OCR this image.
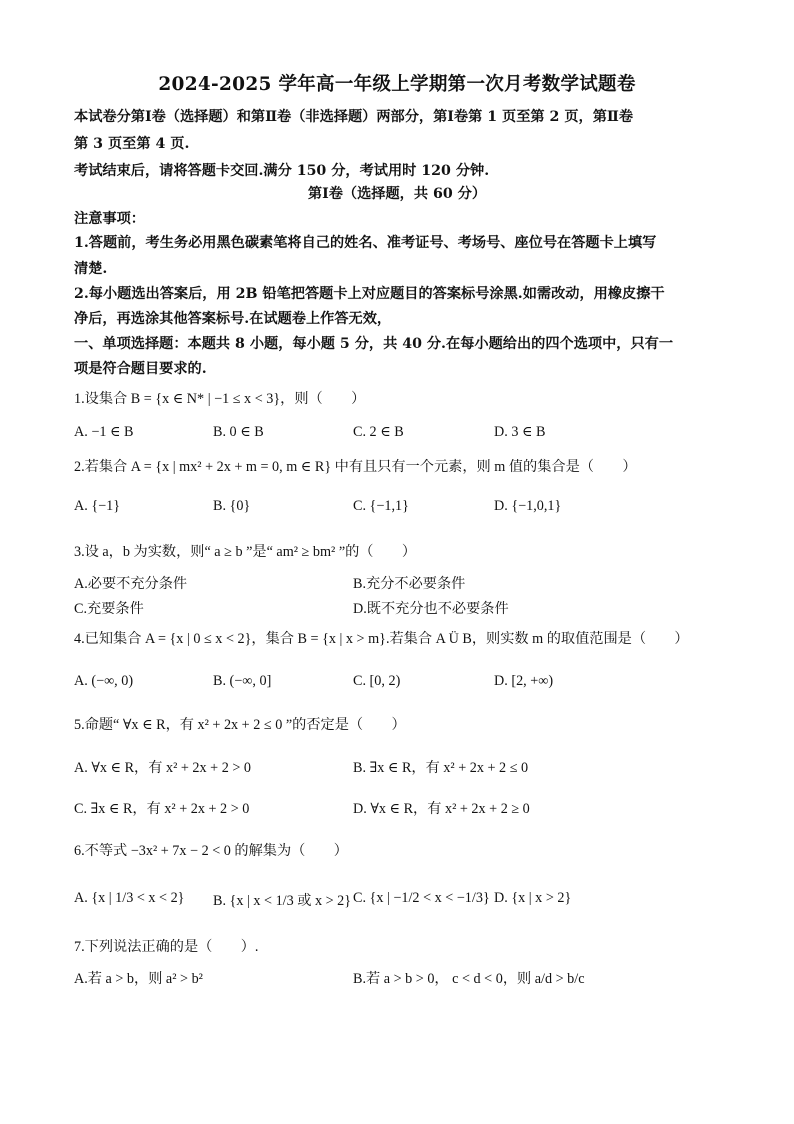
2024-2025 学年高一年级上学期第一次月考数学试题卷
本试卷分第Ⅰ卷（选择题）和第Ⅱ卷（非选择题）两部分，第Ⅰ卷第 1 页至第 2 页，第Ⅱ卷
第 3 页至第 4 页.
考试结束后，请将答题卡交回.满分 150 分，考试用时 120 分钟.
第Ⅰ卷（选择题，共 60 分）
注意事项：
1.答题前，考生务必用黑色碳素笔将自己的姓名、准考证号、考场号、座位号在答题卡上填写
清楚.
2.每小题选出答案后，用 2B 铅笔把答题卡上对应题目的答案标号涂黑.如需改动，用橡皮擦干
净后，再选涂其他答案标号.在试题卷上作答无效，
一、单项选择题：本题共 8 小题，每小题 5 分，共 40 分.在每小题给出的四个选项中，只有一
项是符合题目要求的.
1.设集合 B = {x ∈ N* | −1 ≤ x < 3}，则（　　）
A. −1 ∈ B	B. 0 ∈ B	C. 2 ∈ B	D. 3 ∈ B
2.若集合 A = {x | mx² + 2x + m = 0, m ∈ R} 中有且只有一个元素，则 m 值的集合是（　　）
A. {−1}	B. {0}	C. {−1,1}	D. {−1,0,1}
3.设 a，b 为实数，则“ a ≥ b ”是“ am² ≥ bm² ”的（　　）
A.必要不充分条件	B.充分不必要条件
C.充要条件	D.既不充分也不必要条件
4.已知集合 A = {x | 0 ≤ x < 2}，集合 B = {x | x > m}.若集合 A Ü B，则实数 m 的取值范围是（　　）
A. (−∞, 0)	B. (−∞, 0]	C. [0, 2)	D. [2, +∞)
5.命题“ ∀x ∈ R，有 x² + 2x + 2 ≤ 0 ”的否定是（　　）
A. ∀x ∈ R，有 x² + 2x + 2 > 0	B. ∃x ∈ R，有 x² + 2x + 2 ≤ 0
C. ∃x ∈ R，有 x² + 2x + 2 > 0	D. ∀x ∈ R，有 x² + 2x + 2 ≥ 0
6.不等式 −3x² + 7x − 2 < 0 的解集为（　　）
A. {x | 1/3 < x < 2} B. {x | x < 1/3 或 x > 2} C. {x | −1/2 < x < −1/3} D. {x | x > 2}
7.下列说法正确的是（　　）.
A.若 a > b，则 a² > b²	B.若 a > b > 0， c < d < 0，则 a/d > b/c
